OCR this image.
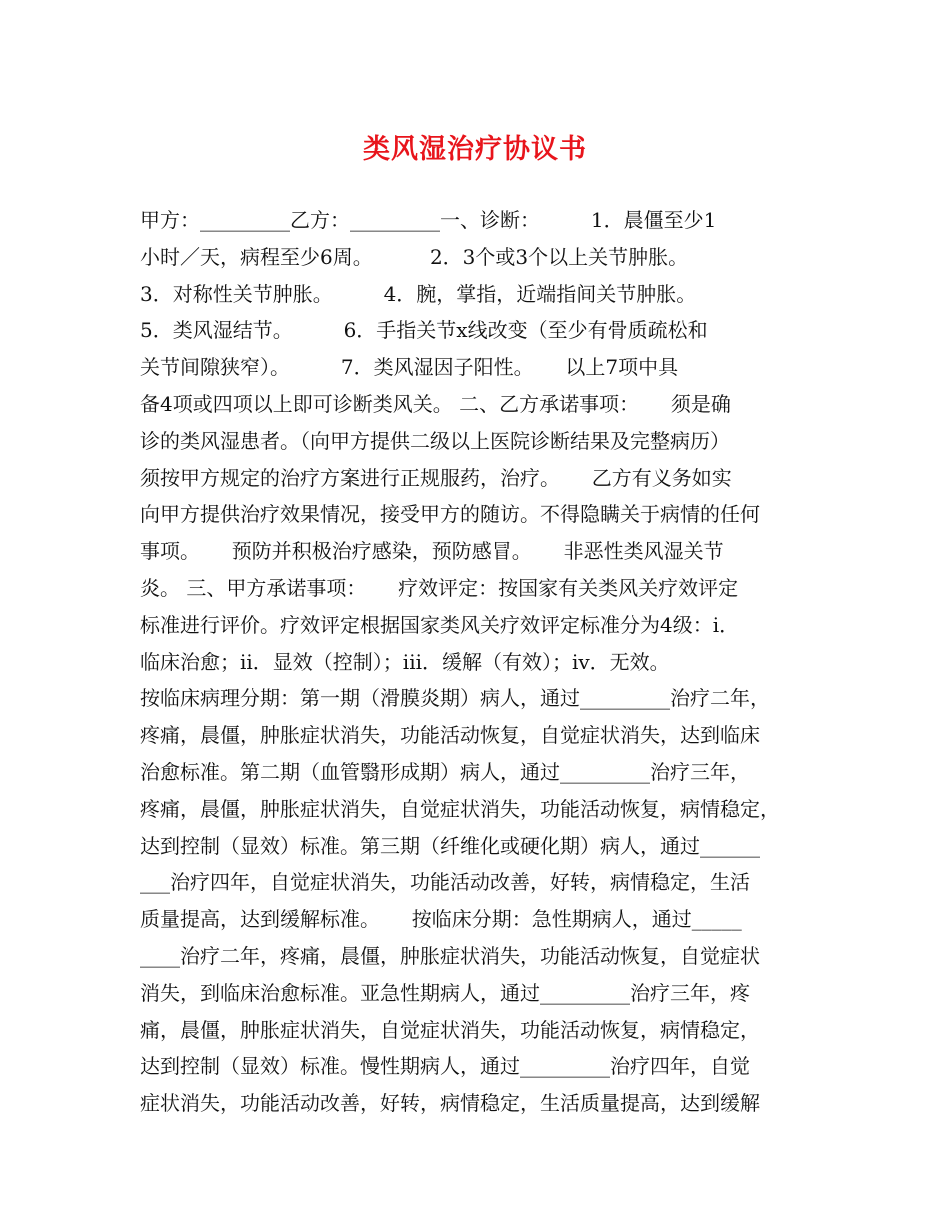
类风湿治疗协议书
甲方：_________乙方：_________一、诊断：        1．晨僵至少1
小时／天，病程至少6周。         2．3个或3个以上关节肿胀。
3．对称性关节肿胀。        4．腕，掌指，近端指间关节肿胀。
5．类风湿结节。        6．手指关节x线改变（至少有骨质疏松和
关节间隙狭窄）。        7．类风湿因子阳性。     以上7项中具
备4项或四项以上即可诊断类风关。 二、乙方承诺事项：     须是确
诊的类风湿患者。（向甲方提供二级以上医院诊断结果及完整病历）
须按甲方规定的治疗方案进行正规服药，治疗。     乙方有义务如实
向甲方提供治疗效果情况，接受甲方的随访。不得隐瞒关于病情的任何
事项。     预防并积极治疗感染，预防感冒。     非恶性类风湿关节
炎。 三、甲方承诺事项：     疗效评定：按国家有关类风关疗效评定
标准进行评价。疗效评定根据国家类风关疗效评定标准分为4级：i．
临床治愈；ii．显效（控制）；iii．缓解（有效）；iv．无效。
按临床病理分期：第一期（滑膜炎期）病人，通过_________治疗二年，
疼痛，晨僵，肿胀症状消失，功能活动恢复，自觉症状消失，达到临床
治愈标准。第二期（血管翳形成期）病人，通过_________治疗三年，
疼痛，晨僵，肿胀症状消失，自觉症状消失，功能活动恢复，病情稳定，
达到控制（显效）标准。第三期（纤维化或硬化期）病人，通过______
___治疗四年，自觉症状消失，功能活动改善，好转，病情稳定，生活
质量提高，达到缓解标准。     按临床分期：急性期病人，通过_____
____治疗二年，疼痛，晨僵，肿胀症状消失，功能活动恢复，自觉症状
消失，到临床治愈标准。亚急性期病人，通过_________治疗三年，疼
痛，晨僵，肿胀症状消失，自觉症状消失，功能活动恢复，病情稳定，
达到控制（显效）标准。慢性期病人，通过_________治疗四年，自觉
症状消失，功能活动改善，好转，病情稳定，生活质量提高，达到缓解
